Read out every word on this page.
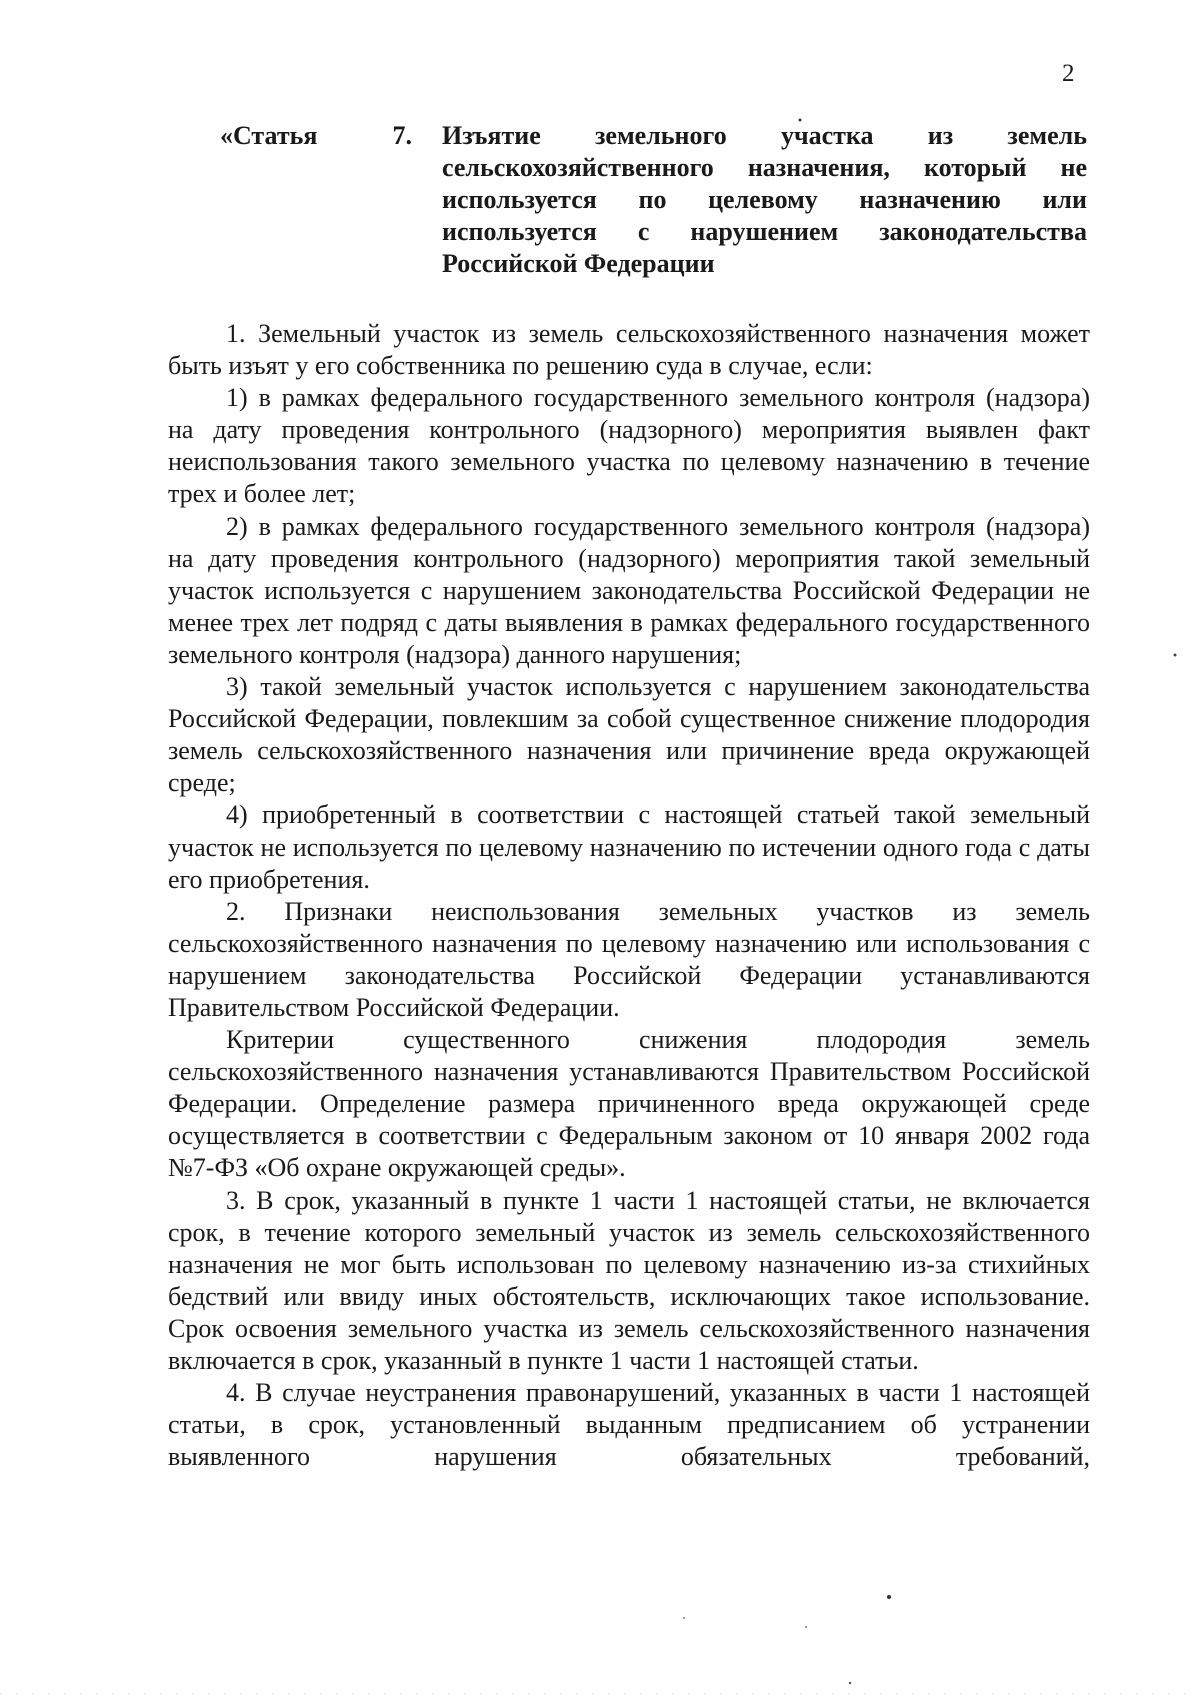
2
«Статья	7. Изъятие земельного участка из земель сельскохозяйственного назначения, который не используется по целевому назначению или используется с нарушением законодательства Российской Федерации

1. Земельный участок из земель сельскохозяйственного назначения может быть изъят у его собственника по решению суда в случае, если:

1) в рамках федерального государственного земельного контроля (надзора) на дату проведения контрольного (надзорного) мероприятия выявлен факт неиспользования такого земельного участка по целевому назначению в течение трех и более лет;

2) в рамках федерального государственного земельного контроля (надзора) на дату проведения контрольного (надзорного) мероприятия такой земельный участок используется с нарушением законодательства Российской Федерации не менее трех лет подряд с даты выявления в рамках федерального государственного земельного контроля (надзора) данного нарушения;

3) такой земельный участок используется с нарушением законодательства Российской Федерации, повлекшим за собой существенное снижение плодородия земель сельскохозяйственного назначения или причинение вреда окружающей среде;

4) приобретенный в соответствии с настоящей статьей такой земельный участок не используется по целевому назначению по истечении одного года с даты его приобретения.

2. Признаки неиспользования земельных участков из земель сельскохозяйственного назначения по целевому назначению или использования с нарушением законодательства Российской Федерации устанавливаются Правительством Российской Федерации.

Критерии существенного снижения плодородия земель сельскохозяйственного назначения устанавливаются Правительством Российской Федерации. Определение размера причиненного вреда окружающей среде осуществляется в соответствии с Федеральным законом от 10 января 2002 года №7-ФЗ «Об охране окружающей среды».

3. В срок, указанный в пункте 1 части 1 настоящей статьи, не включается срок, в течение которого земельный участок из земель сельскохозяйственного назначения не мог быть использован по целевому назначению из-за стихийных бедствий или ввиду иных обстоятельств, исключающих такое использование. Срок освоения земельного участка из земель сельскохозяйственного назначения включается в срок, указанный в пункте 1 части 1 настоящей статьи.

4. В случае неустранения правонарушений, указанных в части 1 настоящей статьи, в срок, установленный выданным предписанием об устранении выявленного нарушения обязательных требований,
